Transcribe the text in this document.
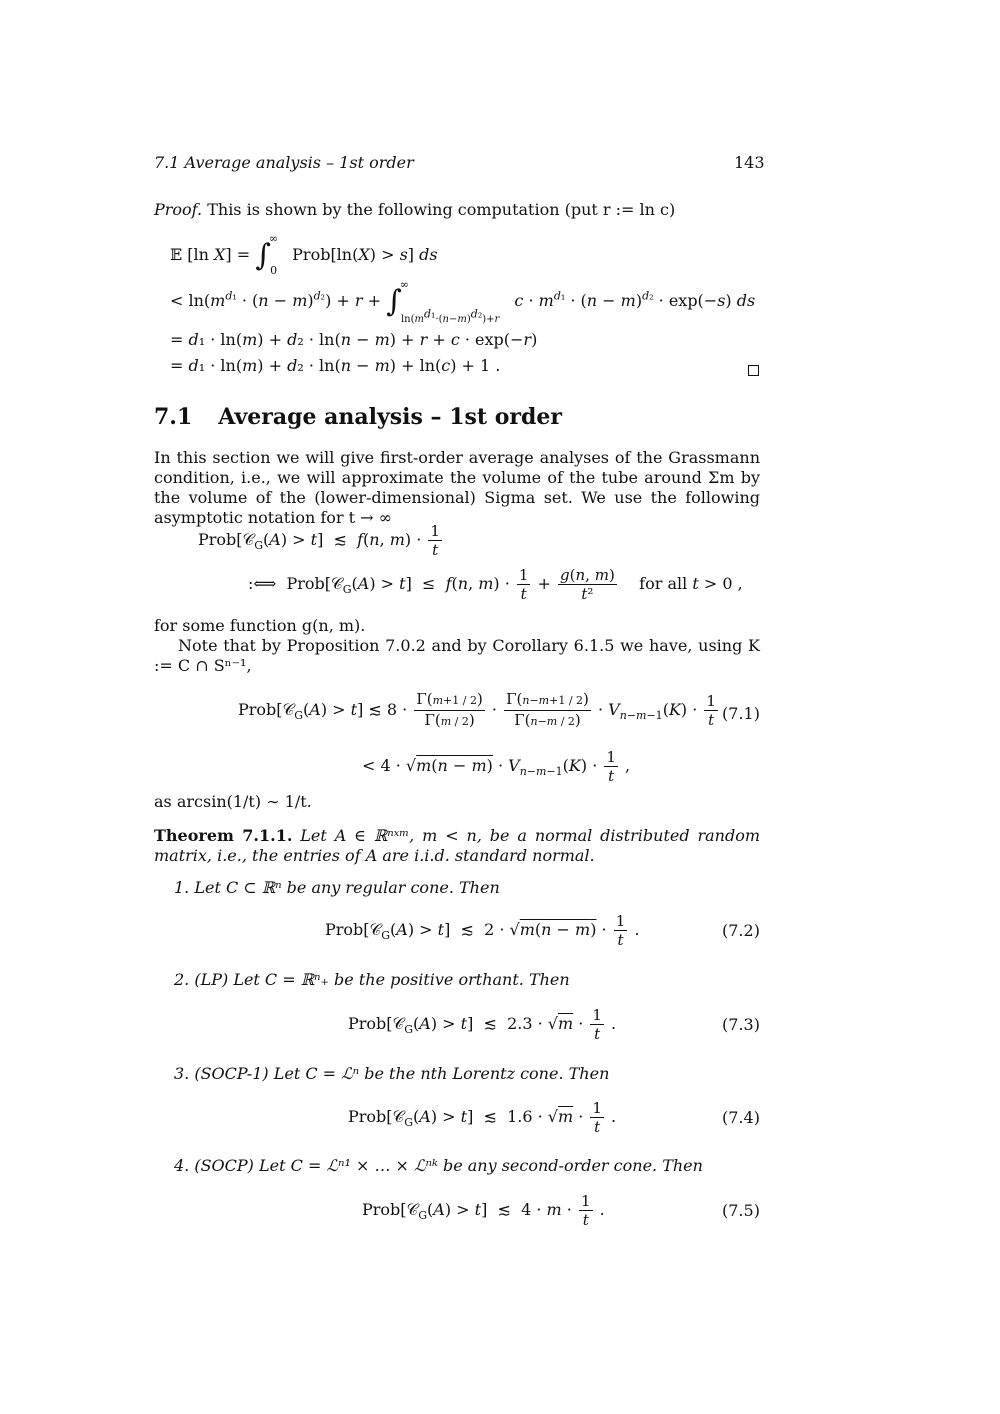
7.1 Average analysis – 1st order	143
Proof. This is shown by the following computation (put r := ln c)
𝔼 [ln $X] = \int^\infty_0$ Prob[ln(X) > s] ds
< $\ln(m^{d_1} \cdot (n - m)^{d_2}) + r + \int^\infty_{ln(m^{d_1}\cdot(n-m)^{d_2})+r}$ $c \cdot m^{d_1} \cdot (n - m)^{d_2} \cdot \exp(-s)$ ds
= d₁ · ln(m) + d₂ · ln(n − m) + r + c · exp(−r)
= d₁ · ln(m) + d₂ · ln(n − m) + ln(c) + 1 .
7.1 Average analysis – 1st order
In this section we will give first-order average analyses of the Grassmann condition, i.e., we will approximate the volume of the tube around Σm by the volume of the (lower-dimensional) Sigma set. We use the following asymptotic notation for t → ∞
Prob[𝒞$_G$(A) > t]  ≲  f(n, $m) \cdot \frac{1}{t}$
:⟺  Prob[𝒞$_G$(A) > t]  ≤  f(n, $m) \cdot \frac{1}{t} + \frac{g(n, m)}{\text{t²}}$ for all t > 0 ,
for some function g(n, m).
Note that by Proposition 7.0.2 and by Corollary 6.1.5 we have, using K := C ∩ Sⁿ⁻¹,
Prob[𝒞$_G$(A) > t] ≲ $8 \cdot \frac{\Gamma(m+1 / 2)}{\Gamma(m / 2)} \cdot \frac{\Gamma(n-m+1 / 2)}{\Gamma(n-m / 2)} \cdot V_{n-m-1}(K) \cdot \frac{1}{t} (7.1)$
< $4 \cdot √m(n - m) \cdot V_{n-m-1}(K) \cdot \frac{1}{t}$ ,
as arcsin(1/t) ∼ 1/t.
Theorem 7.1.1. Let A ∈ ℝⁿˣᵐ, m < n, be a normal distributed random matrix, i.e., the entries of A are i.i.d. standard normal.
1. Let C ⊂ ℝⁿ be any regular cone. Then
Prob[𝒞$_G$(A) > t]  ≲  $2 \cdot √m(n - m) \cdot \frac{1}{t}$ .	(7.2)
2. (LP) Let C = ℝⁿ₊ be the positive orthant. Then
Prob[𝒞$_G$(A) > t]  ≲  $2.3 \cdot √m \cdot \frac{1}{t}$ .	(7.3)
3. (SOCP-1) Let C = ℒⁿ be the nth Lorentz cone. Then
Prob[𝒞$_G$(A) > t]  ≲  $1.6 \cdot √m \cdot \frac{1}{t}$ .	(7.4)
4. (SOCP) Let C = ℒⁿ¹ × … × ℒⁿᵏ be any second-order cone. Then
Prob[𝒞$_G$(A) > t]  ≲  $4 \cdot m \cdot \frac{1}{t}$ .	(7.5)
